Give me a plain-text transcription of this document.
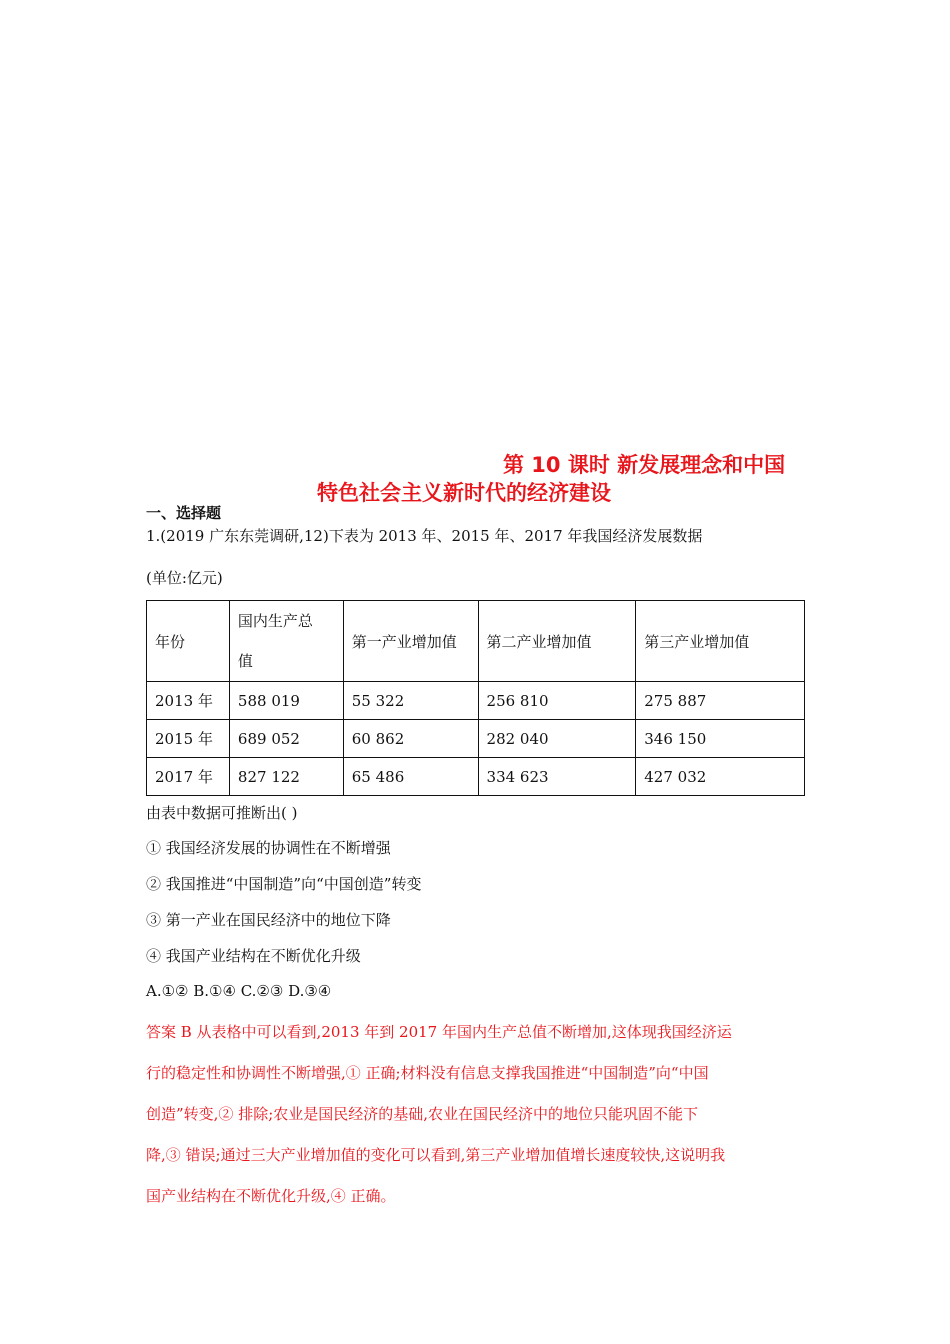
第 10 课时 新发展理念和中国
特色社会主义新时代的经济建设
一、选择题
1.(2019 广东东莞调研,12)下表为 2013 年、2015 年、2017 年我国经济发展数据
(单位:亿元)
年份	国内生产总
值	第一产业增加值	第二产业增加值	第三产业增加值
2013 年	588 019	55 322	256 810	275 887
2015 年	689 052	60 862	282 040	346 150
2017 年	827 122	65 486	334 623	427 032
由表中数据可推断出( )
① 我国经济发展的协调性在不断增强
② 我国推进“中国制造”向“中国创造”转变
③ 第一产业在国民经济中的地位下降
④ 我国产业结构在不断优化升级
A.①② B.①④ C.②③ D.③④
答案 B 从表格中可以看到,2013 年到 2017 年国内生产总值不断增加,这体现我国经济运
行的稳定性和协调性不断增强,① 正确;材料没有信息支撑我国推进“中国制造”向“中国
创造”转变,② 排除;农业是国民经济的基础,农业在国民经济中的地位只能巩固不能下
降,③ 错误;通过三大产业增加值的变化可以看到,第三产业增加值增长速度较快,这说明我
国产业结构在不断优化升级,④ 正确。
